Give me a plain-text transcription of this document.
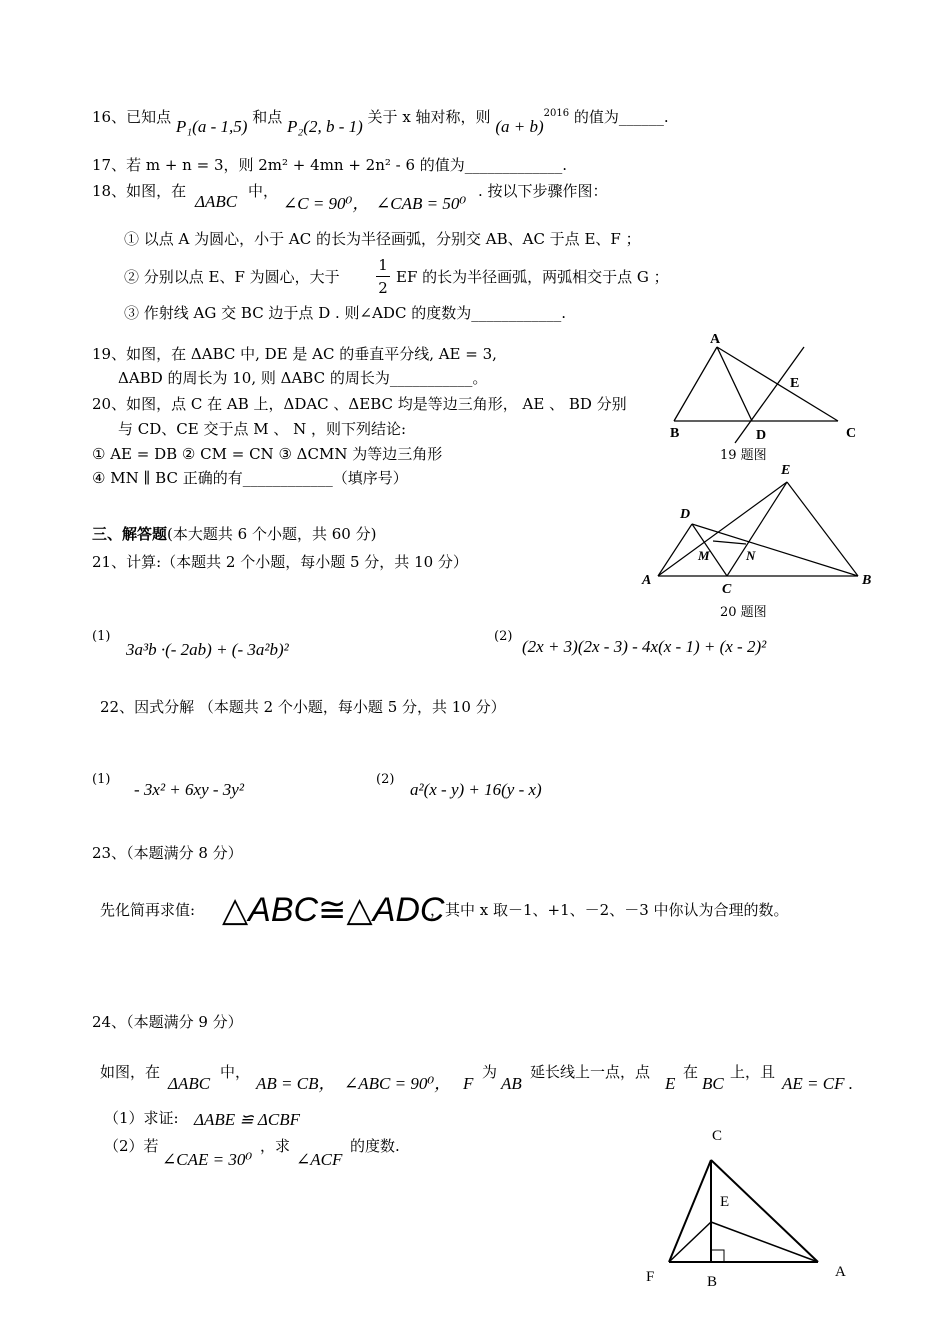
16、已知点 P₁(a - 1,5) 和点 P₂(2, b - 1) 关于 x 轴对称，则 $(a + b)^{2016}$ 的值为______.
17、若 m + n = 3，则 2m² + 4mn + 2n² - 6 的值为_____________.
18、如图，在
ΔABC
中，
∠C = 90⁰， ∠CAB = 50⁰
. 按以下步骤作图：
① 以点 A 为圆心，小于 AC 的长为半径画弧，分别交 AB、AC 于点 E、F ；
② 分别以点 E、F 为圆心，大于
1
2
EF 的长为半径画弧，两弧相交于点 G ；
③ 作射线 AG 交 BC 边于点 D . 则∠ADC 的度数为____________.
19、如图，在 ΔABC 中, DE 是 AC 的垂直平分线, AE = 3,
ΔABD 的周长为 10, 则 ΔABC 的周长为___________。
20、如图，点 C 在 AB 上，ΔDAC 、ΔEBC 均是等边三角形， AE 、 BD 分别
与 CD、CE 交于点 M 、 N ，则下列结论:
① AE = DB ② CM = CN ③ ΔCMN 为等边三角形
④ MN ∥ BC 正确的有____________（填序号）
A
B	C
D
E
19 题图
E
D
M	N
A
C
B
20 题图
三、解答题(本大题共 6 个小题，共 60 分)
21、计算:（本题共 2 个小题，每小题 5 分，共 10 分）
(1)
3a³b ·(- 2ab) + (- 3a²b)²
(2)
(2x + 3)(2x - 3) - 4x(x - 1) + (x - 2)²
22、因式分解 （本题共 2 个小题，每小题 5 分，共 10 分）
(1)
- 3x² + 6xy - 3y²
(2)
a²(x - y) + 16(y - x)
23、（本题满分 8 分）
先化简再求值: △ABC≅△ADC
，其中 x 取－1、+1、－2、－3 中你认为合理的数。
24、（本题满分 9 分）
如图，在
ΔABC
中，
AB = CB， ∠ABC = 90⁰， F
为
AB
延长线上一点，点
E
在
BC
上，且
AE = CF .
（1）求证: ΔABE ≌ ΔCBF
（2）若
∠CAE = 30⁰
，求
∠ACF
的度数.
C
E
F	B
A
